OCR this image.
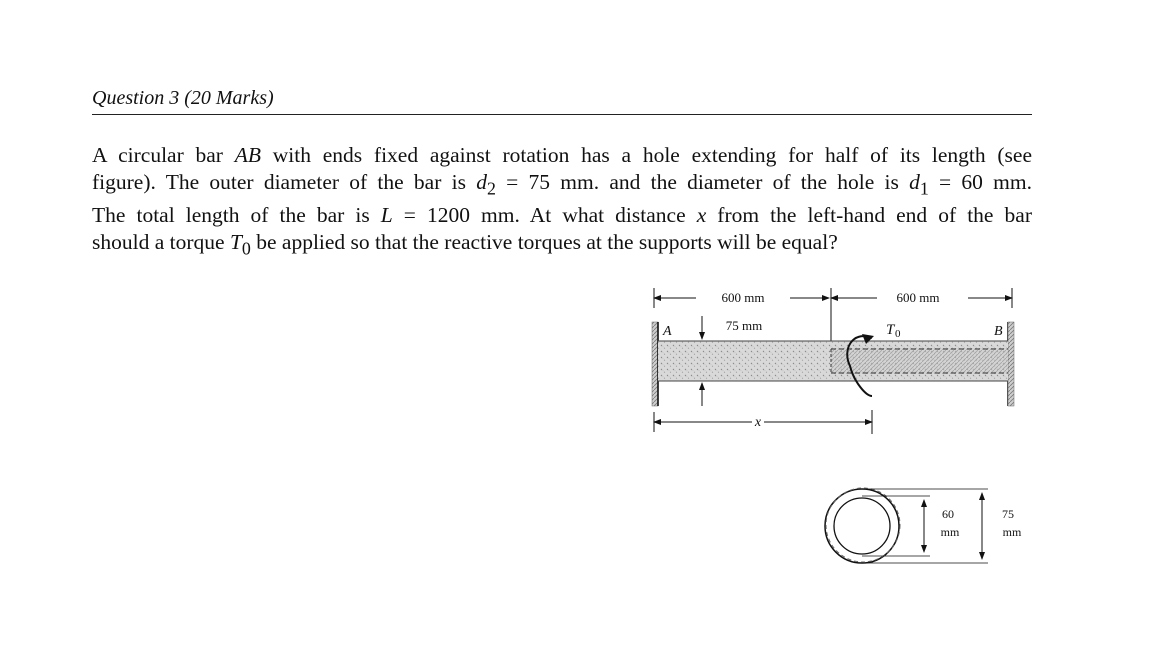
Question 3 (20 Marks)
A circular bar AB with ends fixed against rotation has a hole extending for half of its length (see
figure). The outer diameter of the bar is $d_2 = 75$ mm. and the diameter of the hole is $d_1 = 60$ mm.
The total length of the bar is L = 1200 mm. At what distance x from the left-hand end of the bar
should a torque $T_0$ be applied so that the reactive torques at the supports will be equal?
600 mm	600 mm
A	B
75 mm	T 0
x
60
mm
75
mm
